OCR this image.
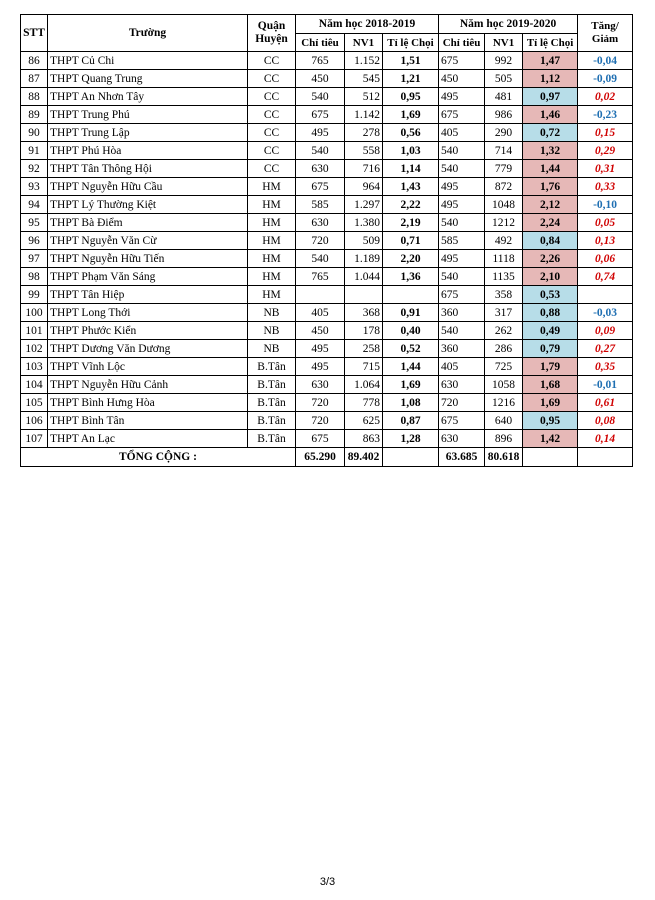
STT	Trường	Quận Huyện	Năm học 2018-2019			Năm học 2019-2020			Tăng/ Giảm
			Chỉ tiêu	NV1	Tỉ lệ Chọi	Chỉ tiêu	NV1	Tỉ lệ Chọi	
86	THPT Củ Chi	CC	765	1.152	1,51	675	992	1,47	-0,04
87	THPT Quang Trung	CC	450	545	1,21	450	505	1,12	-0,09
88	THPT An Nhơn Tây	CC	540	512	0,95	495	481	0,97	0,02
89	THPT Trung Phú	CC	675	1.142	1,69	675	986	1,46	-0,23
90	THPT Trung Lập	CC	495	278	0,56	405	290	0,72	0,15
91	THPT Phú Hòa	CC	540	558	1,03	540	714	1,32	0,29
92	THPT Tân Thông Hội	CC	630	716	1,14	540	779	1,44	0,31
93	THPT Nguyễn Hữu Cầu	HM	675	964	1,43	495	872	1,76	0,33
94	THPT Lý Thường Kiệt	HM	585	1.297	2,22	495	1048	2,12	-0,10
95	THPT Bà Điểm	HM	630	1.380	2,19	540	1212	2,24	0,05
96	THPT Nguyễn Văn Cừ	HM	720	509	0,71	585	492	0,84	0,13
97	THPT Nguyễn Hữu Tiến	HM	540	1.189	2,20	495	1118	2,26	0,06
98	THPT Phạm Văn Sáng	HM	765	1.044	1,36	540	1135	2,10	0,74
99	THPT Tân Hiệp	HM				675	358	0,53	
100	THPT Long Thới	NB	405	368	0,91	360	317	0,88	-0,03
101	THPT Phước Kiển	NB	450	178	0,40	540	262	0,49	0,09
102	THPT Dương Văn Dương	NB	495	258	0,52	360	286	0,79	0,27
103	THPT Vĩnh Lộc	B.Tân	495	715	1,44	405	725	1,79	0,35
104	THPT Nguyễn Hữu Cảnh	B.Tân	630	1.064	1,69	630	1058	1,68	-0,01
105	THPT Bình Hưng Hòa	B.Tân	720	778	1,08	720	1216	1,69	0,61
106	THPT Bình Tân	B.Tân	720	625	0,87	675	640	0,95	0,08
107	THPT An Lạc	B.Tân	675	863	1,28	630	896	1,42	0,14
TỔNG CỘNG :			65.290	89.402		63.685	80.618		
3/3
